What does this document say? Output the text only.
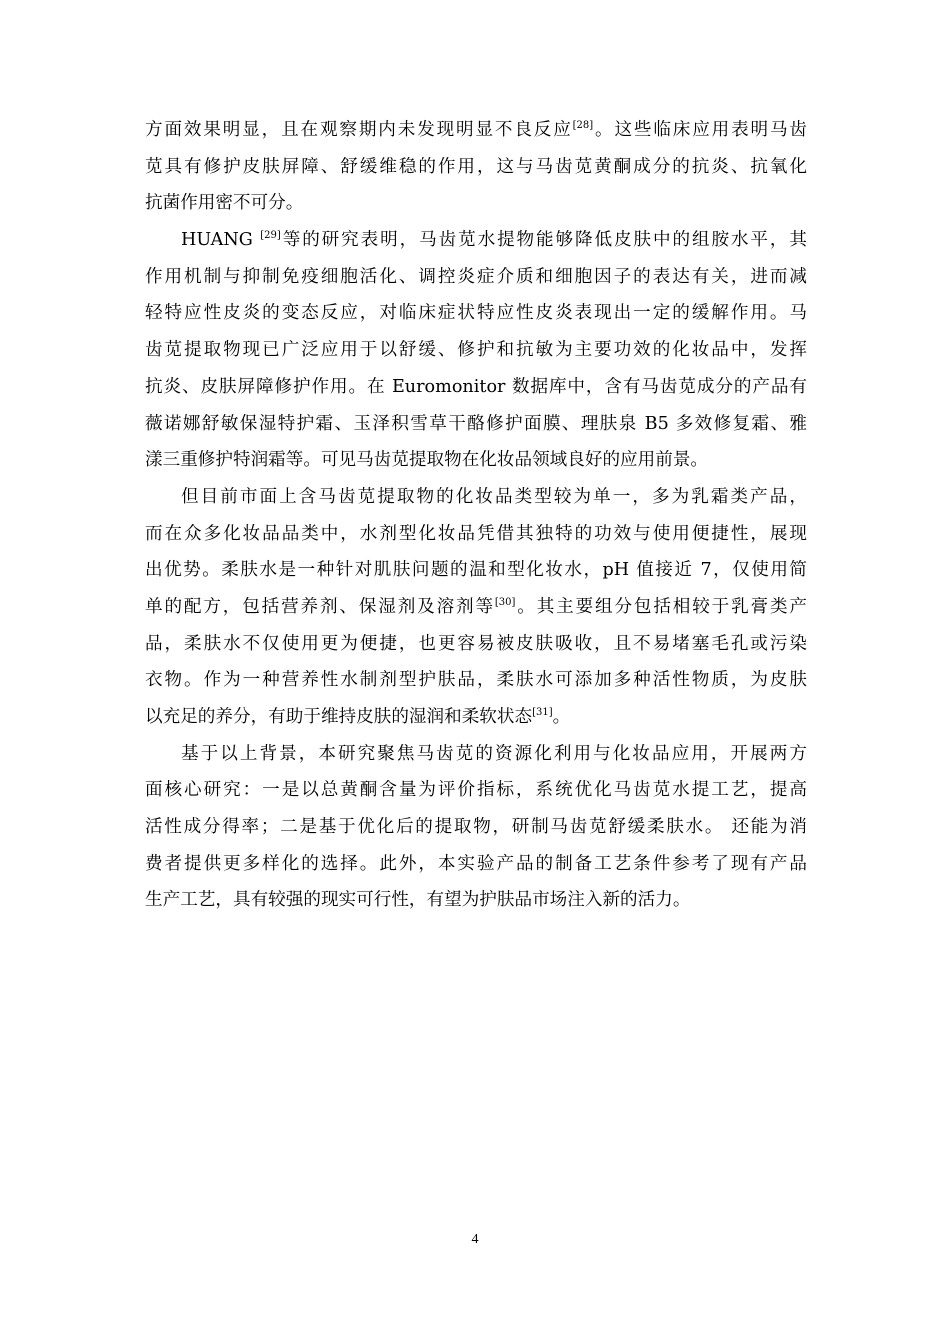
方面效果明显，且在观察期内未发现明显不良反应[28]。这些临床应用表明马齿
苋具有修护皮肤屏障、舒缓维稳的作用，这与马齿苋黄酮成分的抗炎、抗氧化
抗菌作用密不可分。
HUANG [29]等的研究表明，马齿苋水提物能够降低皮肤中的组胺水平，其
作用机制与抑制免疫细胞活化、调控炎症介质和细胞因子的表达有关，进而减
轻特应性皮炎的变态反应，对临床症状特应性皮炎表现出一定的缓解作用。马
齿苋提取物现已广泛应用于以舒缓、修护和抗敏为主要功效的化妆品中，发挥
抗炎、皮肤屏障修护作用。在 Euromonitor 数据库中，含有马齿苋成分的产品有
薇诺娜舒敏保湿特护霜、玉泽积雪草干酪修护面膜、理肤泉 B5 多效修复霜、雅
漾三重修护特润霜等。可见马齿苋提取物在化妆品领域良好的应用前景。
但目前市面上含马齿苋提取物的化妆品类型较为单一，多为乳霜类产品，
而在众多化妆品品类中，水剂型化妆品凭借其独特的功效与使用便捷性，展现
出优势。柔肤水是一种针对肌肤问题的温和型化妆水，pH 值接近 7，仅使用简
单的配方，包括营养剂、保湿剂及溶剂等[30]。其主要组分包括相较于乳膏类产
品，柔肤水不仅使用更为便捷，也更容易被皮肤吸收，且不易堵塞毛孔或污染
衣物。作为一种营养性水制剂型护肤品，柔肤水可添加多种活性物质，为皮肤
以充足的养分，有助于维持皮肤的湿润和柔软状态[31]。
基于以上背景，本研究聚焦马齿苋的资源化利用与化妆品应用，开展两方
面核心研究：一是以总黄酮含量为评价指标，系统优化马齿苋水提工艺，提高
活性成分得率；二是基于优化后的提取物，研制马齿苋舒缓柔肤水。 还能为消
费者提供更多样化的选择。此外，本实验产品的制备工艺条件参考了现有产品
生产工艺，具有较强的现实可行性，有望为护肤品市场注入新的活力。
4
